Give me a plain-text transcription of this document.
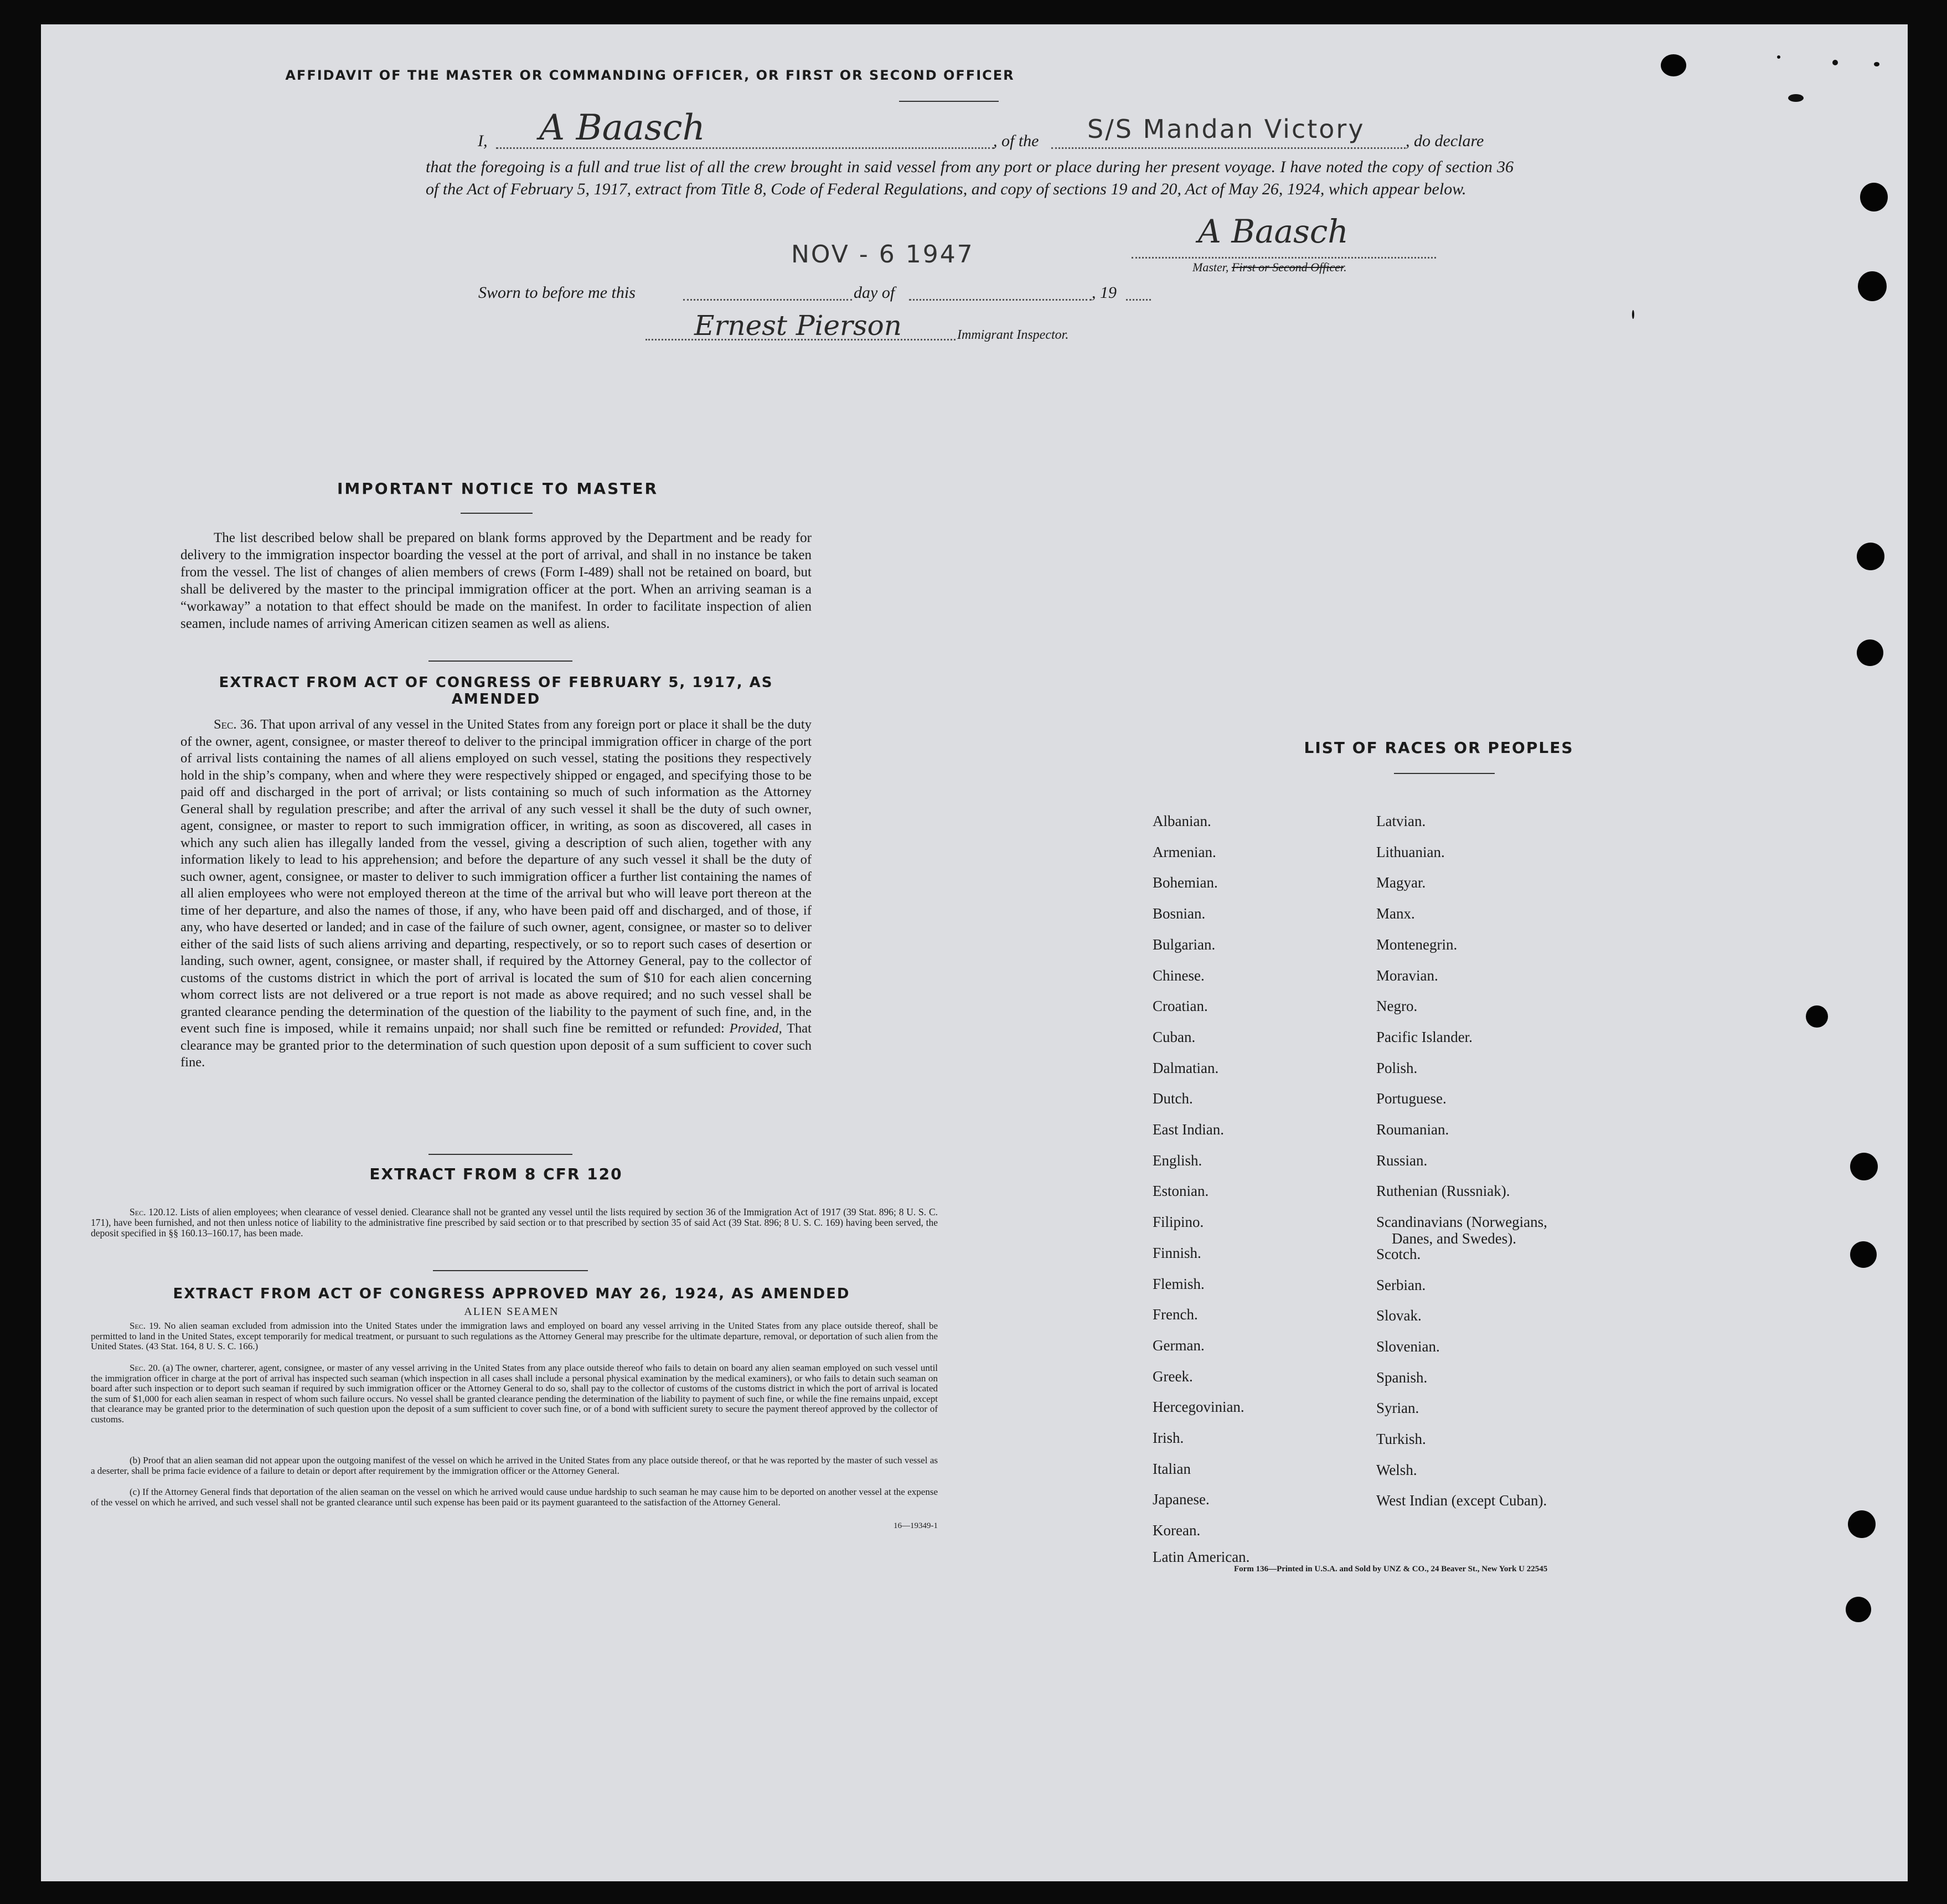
AFFIDAVIT OF THE MASTER OR COMMANDING OFFICER, OR FIRST OR SECOND OFFICER
I, A Baasch	, of the S/S Mandan Victory , do declare
that the foregoing is a full and true list of all the crew brought in said vessel from any port or place during her present voyage. I have noted the copy of section 36 of the Act of February 5, 1917, extract from Title 8, Code of Federal Regulations, and copy of sections 19 and 20, Act of May 26, 1924, which appear below.
NOV - 6 1947
A Baasch
Master, First or Second Officer.
Sworn to before me this	day of	, 19
Ernest Pierson	Immigrant Inspector.
IMPORTANT NOTICE TO MASTER
The list described below shall be prepared on blank forms approved by the Department and be ready for delivery to the immigration inspector boarding the vessel at the port of arrival, and shall in no instance be taken from the vessel. The list of changes of alien members of crews (Form I-489) shall not be retained on board, but shall be delivered by the master to the principal immigration officer at the port. When an arriving seaman is a “workaway” a notation to that effect should be made on the manifest. In order to facilitate inspection of alien seamen, include names of arriving American citizen seamen as well as aliens.
EXTRACT FROM ACT OF CONGRESS OF FEBRUARY 5, 1917, AS AMENDED
Sec. 36. That upon arrival of any vessel in the United States from any foreign port or place it shall be the duty of the owner, agent, consignee, or master thereof to deliver to the principal immigration officer in charge of the port of arrival lists containing the names of all aliens employed on such vessel, stating the positions they respectively hold in the ship’s company, when and where they were respectively shipped or engaged, and specifying those to be paid off and discharged in the port of arrival; or lists containing so much of such information as the Attorney General shall by regulation prescribe; and after the arrival of any such vessel it shall be the duty of such owner, agent, consignee, or master to report to such immigration officer, in writing, as soon as discovered, all cases in which any such alien has illegally landed from the vessel, giving a description of such alien, together with any information likely to lead to his apprehension; and before the departure of any such vessel it shall be the duty of such owner, agent, consignee, or master to deliver to such immigration officer a further list containing the names of all alien employees who were not employed thereon at the time of the arrival but who will leave port thereon at the time of her departure, and also the names of those, if any, who have been paid off and discharged, and of those, if any, who have deserted or landed; and in case of the failure of such owner, agent, consignee, or master so to deliver either of the said lists of such aliens arriving and departing, respectively, or so to report such cases of desertion or landing, such owner, agent, consignee, or master shall, if required by the Attorney General, pay to the collector of customs of the customs district in which the port of arrival is located the sum of $10 for each alien concerning whom correct lists are not delivered or a true report is not made as above required; and no such vessel shall be granted clearance pending the determination of the question of the liability to the payment of such fine, and, in the event such fine is imposed, while it remains unpaid; nor shall such fine be remitted or refunded: Provided, That clearance may be granted prior to the determination of such question upon deposit of a sum sufficient to cover such fine.
EXTRACT FROM 8 CFR 120
Sec. 120.12. Lists of alien employees; when clearance of vessel denied. Clearance shall not be granted any vessel until the lists required by section 36 of the Immigration Act of 1917 (39 Stat. 896; 8 U. S. C. 171), have been furnished, and not then unless notice of liability to the administrative fine prescribed by said section or to that prescribed by section 35 of said Act (39 Stat. 896; 8 U. S. C. 169) having been served, the deposit specified in §§ 160.13–160.17, has been made.
EXTRACT FROM ACT OF CONGRESS APPROVED MAY 26, 1924, AS AMENDED
ALIEN SEAMEN
Sec. 19. No alien seaman excluded from admission into the United States under the immigration laws and employed on board any vessel arriving in the United States from any place outside thereof, shall be permitted to land in the United States, except temporarily for medical treatment, or pursuant to such regulations as the Attorney General may prescribe for the ultimate departure, removal, or deportation of such alien from the United States. (43 Stat. 164, 8 U. S. C. 166.)
Sec. 20. (a) The owner, charterer, agent, consignee, or master of any vessel arriving in the United States from any place outside thereof who fails to detain on board any alien seaman employed on such vessel until the immigration officer in charge at the port of arrival has inspected such seaman (which inspection in all cases shall include a personal physical examination by the medical examiners), or who fails to detain such seaman on board after such inspection or to deport such seaman if required by such immigration officer or the Attorney General to do so, shall pay to the collector of customs of the customs district in which the port of arrival is located the sum of $1,000 for each alien seaman in respect of whom such failure occurs. No vessel shall be granted clearance pending the determination of the liability to payment of such fine, or while the fine remains unpaid, except that clearance may be granted prior to the determination of such question upon the deposit of a sum sufficient to cover such fine, or of a bond with sufficient surety to secure the payment thereof approved by the collector of customs.
(b) Proof that an alien seaman did not appear upon the outgoing manifest of the vessel on which he arrived in the United States from any place outside thereof, or that he was reported by the master of such vessel as a deserter, shall be prima facie evidence of a failure to detain or deport after requirement by the immigration officer or the Attorney General.
(c) If the Attorney General finds that deportation of the alien seaman on the vessel on which he arrived would cause undue hardship to such seaman he may cause him to be deported on another vessel at the expense of the vessel on which he arrived, and such vessel shall not be granted clearance until such expense has been paid or its payment guaranteed to the satisfaction of the Attorney General.
16—19349-1
LIST OF RACES OR PEOPLES
Form 136—Printed in U.S.A. and Sold by UNZ & CO., 24 Beaver St., New York U 22545
Albanian.
Armenian.
Bohemian.
Bosnian.
Bulgarian.
Chinese.
Croatian.
Cuban.
Dalmatian.
Dutch.
East Indian.
English.
Estonian.
Filipino.
Finnish.
Flemish.
French.
German.
Greek.
Hercegovinian.
Irish.
Italian
Japanese.
Korean.
Latin American.
Latvian.
Lithuanian.
Magyar.
Manx.
Montenegrin.
Moravian.
Negro.
Pacific Islander.
Polish.
Portuguese.
Roumanian.
Russian.
Ruthenian (Russniak).
Scandinavians (Norwegians,
Danes, and Swedes).
Scotch.
Serbian.
Slovak.
Slovenian.
Spanish.
Syrian.
Turkish.
Welsh.
West Indian (except Cuban).
